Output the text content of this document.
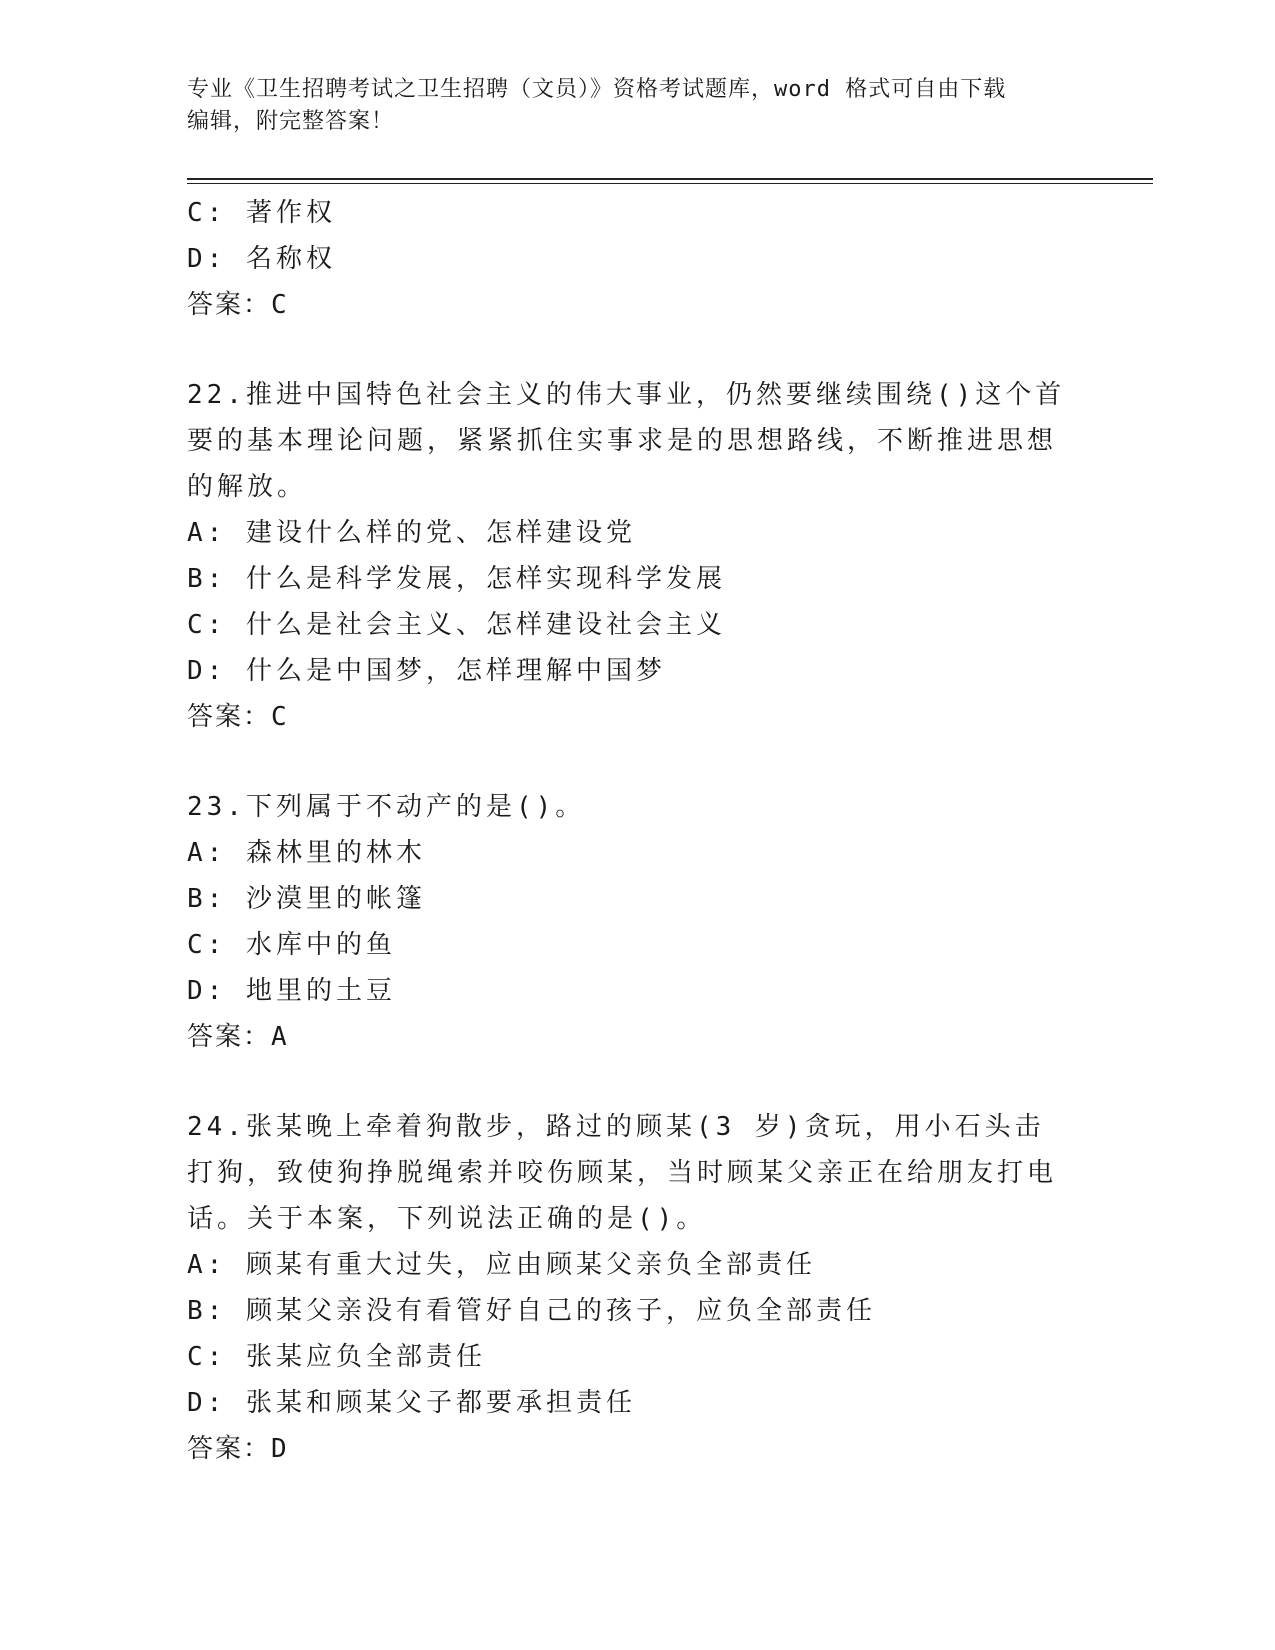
专业《卫生招聘考试之卫生招聘（文员）》资格考试题库，word 格式可自由下载
编辑，附完整答案！
C: 著作权
D: 名称权
答案：C
22.推进中国特色社会主义的伟大事业，仍然要继续围绕()这个首要的基本理论问题，紧紧抓住实事求是的思想路线，不断推进思想的解放。
A: 建设什么样的党、怎样建设党
B: 什么是科学发展，怎样实现科学发展
C: 什么是社会主义、怎样建设社会主义
D: 什么是中国梦，怎样理解中国梦
答案：C
23.下列属于不动产的是()。
A: 森林里的林木
B: 沙漠里的帐篷
C: 水库中的鱼
D: 地里的土豆
答案：A
24.张某晚上牵着狗散步，路过的顾某(3 岁)贪玩，用小石头击打狗，致使狗挣脱绳索并咬伤顾某，当时顾某父亲正在给朋友打电话。关于本案，下列说法正确的是()。
A: 顾某有重大过失，应由顾某父亲负全部责任
B: 顾某父亲没有看管好自己的孩子，应负全部责任
C: 张某应负全部责任
D: 张某和顾某父子都要承担责任
答案：D
